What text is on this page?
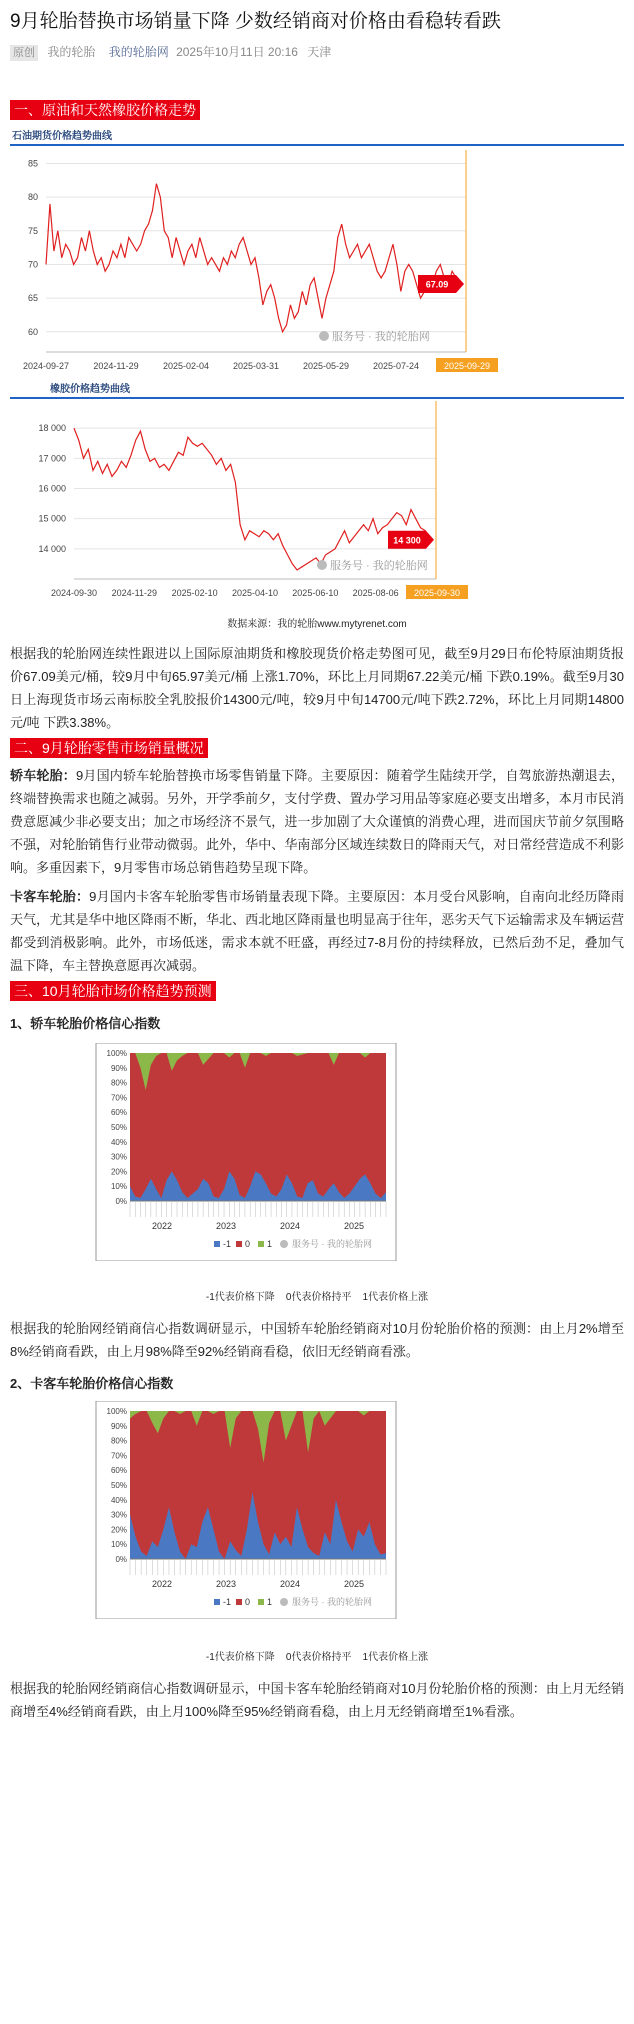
9月轮胎替换市场销量下降 少数经销商对价格由看稳转看跌
原创 我的轮胎 我的轮胎网 2025年10月11日 20:16 天津
一、原油和天然橡胶价格走势
石油期货价格趋势曲线
60
65
70
75
80
85
2024-09-27	2024-11-29	2025-02-04	2025-03-31	2025-05-29	2025-07-24	2025-09-29
67.09
服务号 · 我的轮胎网
橡胶价格趋势曲线
14 000
15 000
16 000
17 000
18 000
2024-09-30 2024-11-29 2025-02-10 2025-04-10 2025-06-10 2025-08-06 2025-09-30
14 300
服务号 · 我的轮胎网
数据来源：我的轮胎www.mytyrenet.com

根据我的轮胎网连续性跟进以上国际原油期货和橡胶现货价格走势图可见，截至9月29日布伦特原油期货报价67.09美元/桶，较9月中旬65.97美元/桶 上涨1.70%，环比上月同期67.22美元/桶 下跌0.19%。截至9月30日上海现货市场云南标胶全乳胶报价14300元/吨，较9月中旬14700元/吨下跌2.72%，环比上月同期14800元/吨 下跌3.38%。

二、9月轮胎零售市场销量概况

轿车轮胎：9月国内轿车轮胎替换市场零售销量下降。主要原因：随着学生陆续开学，自驾旅游热潮退去，终端替换需求也随之减弱。另外，开学季前夕，支付学费、置办学习用品等家庭必要支出增多，本月市民消费意愿减少非必要支出；加之市场经济不景气，进一步加剧了大众谨慎的消费心理，进而国庆节前夕氛围略不强，对轮胎销售行业带动微弱。此外，华中、华南部分区域连续数日的降雨天气，对日常经营造成不利影响。多重因素下，9月零售市场总销售趋势呈现下降。

卡客车轮胎：9月国内卡客车轮胎零售市场销量表现下降。主要原因：本月受台风影响，自南向北经历降雨天气，尤其是华中地区降雨不断，华北、西北地区降雨量也明显高于往年，恶劣天气下运输需求及车辆运营都受到消极影响。此外，市场低迷，需求本就不旺盛，再经过7-8月份的持续释放，已然后劲不足，叠加气温下降，车主替换意愿再次减弱。

三、10月轮胎市场价格趋势预测
1、轿车轮胎价格信心指数
0%
10%
20%
30%
40%
50%
60%
70%
80%
90%
100%
2022	2023	2024	2025
-1 0 1 服务号 · 我的轮胎网
-1代表价格下降    0代表价格持平    1代表价格上涨

根据我的轮胎网经销商信心指数调研显示，中国轿车轮胎经销商对10月份轮胎价格的预测：由上月2%增至8%经销商看跌，由上月98%降至92%经销商看稳，依旧无经销商看涨。

2、卡客车轮胎价格信心指数
0%
10%
20%
30%
40%
50%
60%
70%
80%
90%
100%
2022	2023	2024	2025
-1 0 1 服务号 · 我的轮胎网
-1代表价格下降    0代表价格持平    1代表价格上涨

根据我的轮胎网经销商信心指数调研显示，中国卡客车轮胎经销商对10月份轮胎价格的预测：由上月无经销商增至4%经销商看跌，由上月100%降至95%经销商看稳，由上月无经销商增至1%看涨。
